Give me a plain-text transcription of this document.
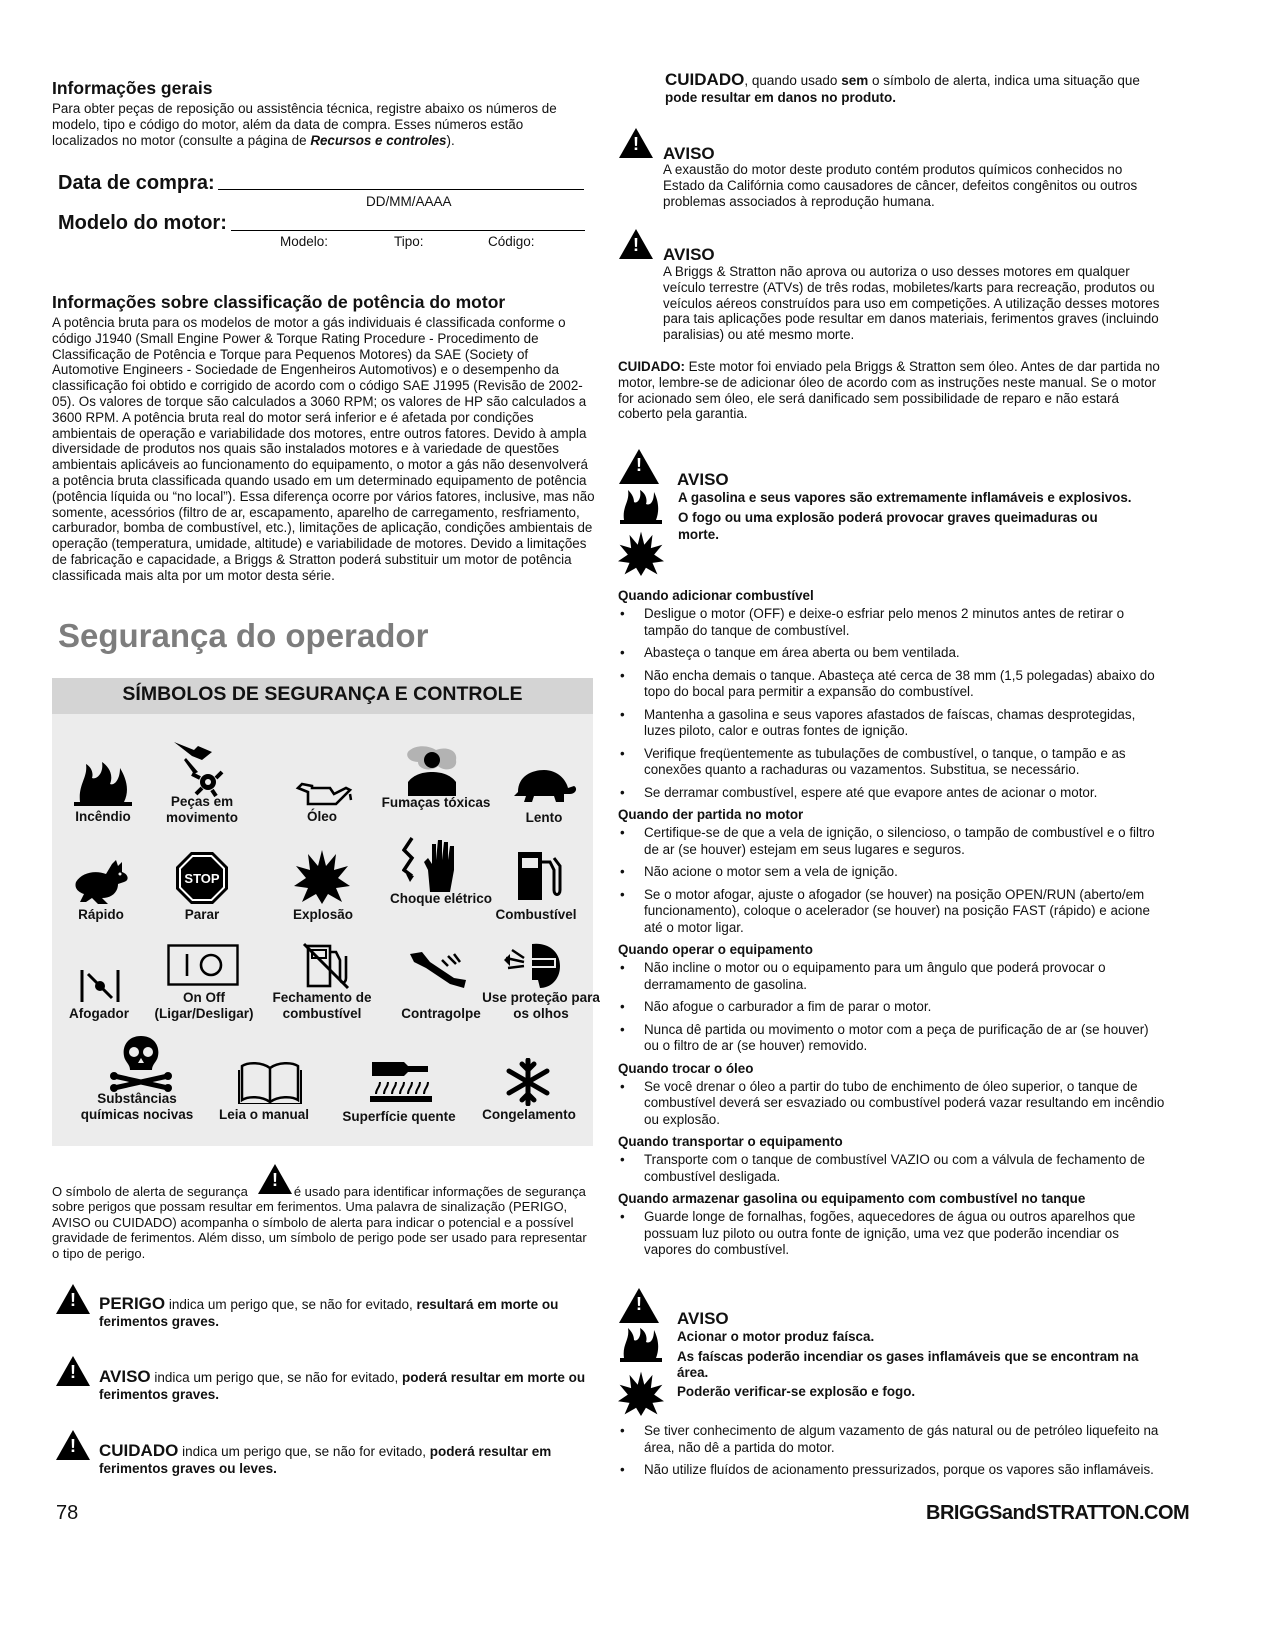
Informações gerais

Para obter peças de reposição ou assistência técnica, registre abaixo os números de modelo, tipo e código do motor, além da data de compra. Esses números estão localizados no motor (consulte a página de Recursos e controles).

Data de compra:
DD/MM/AAAA
Modelo do motor:
Modelo:	Tipo:	Código:
Informações sobre classificação de potência do motor

A potência bruta para os modelos de motor a gás individuais é classificada conforme o código J1940 (Small Engine Power & Torque Rating Procedure - Procedimento de Classificação de Potência e Torque para Pequenos Motores) da SAE (Society of Automotive Engineers - Sociedade de Engenheiros Automotivos) e o desempenho da classificação foi obtido e corrigido de acordo com o código SAE J1995 (Revisão de 2002-05). Os valores de torque são calculados a 3060 RPM; os valores de HP são calculados a 3600 RPM. A potência bruta real do motor será inferior e é afetada por condições ambientais de operação e variabilidade dos motores, entre outros fatores. Devido à ampla diversidade de produtos nos quais são instalados motores e à variedade de questões ambientais aplicáveis ao funcionamento do equipamento, o motor a gás não desenvolverá a potência bruta classificada quando usado em um determinado equipamento de potência (potência líquida ou “no local”). Essa diferença ocorre por vários fatores, inclusive, mas não somente, acessórios (filtro de ar, escapamento, aparelho de carregamento, resfriamento, carburador, bomba de combustível, etc.), limitações de aplicação, condições ambientais de operação (temperatura, umidade, altitude) e variabilidade de motores. Devido a limitações de fabricação e capacidade, a Briggs & Stratton poderá substituir um motor de potência classificada mais alta por um motor desta série.

Segurança do operador
SÍMBOLOS DE SEGURANÇA E CONTROLE
Incêndio
Peças em movimento	Óleo
Fumaças tóxicas
Lento
Rápido
STOP
Parar	Explosão
Choque elétrico
Combustível
Afogador
On Off (Ligar/Desligar)
Fechamento de combustível	Contragolpe
Use proteção para os olhos
Substâncias químicas nocivas	Leia o manual	Superfície quente	Congelamento
!

O símbolo de alerta de segurança	é usado para identificar informações de segurança sobre perigos que possam resultar em ferimentos. Uma palavra de sinalização (PERIGO, AVISO ou CUIDADO) acompanha o símbolo de alerta para indicar o potencial e a possível gravidade de ferimentos. Além disso, um símbolo de perigo pode ser usado para representar o tipo de perigo.

!

PERIGO indica um perigo que, se não for evitado, resultará em morte ou ferimentos graves.

!

AVISO indica um perigo que, se não for evitado, poderá resultar em morte ou ferimentos graves.

!

CUIDADO indica um perigo que, se não for evitado, poderá resultar em ferimentos graves ou leves.

78

CUIDADO, quando usado sem o símbolo de alerta, indica uma situação que pode resultar em danos no produto.

!
AVISO

A exaustão do motor deste produto contém produtos químicos conhecidos no Estado da Califórnia como causadores de câncer, defeitos congênitos ou outros problemas associados à reprodução humana.

!
AVISO

A Briggs & Stratton não aprova ou autoriza o uso desses motores em qualquer veículo terrestre (ATVs) de três rodas, mobiletes/karts para recreação, produtos ou veículos aéreos construídos para uso em competições. A utilização desses motores para tais aplicações pode resultar em danos materiais, ferimentos graves (incluindo paralisias) ou até mesmo morte.

CUIDADO: Este motor foi enviado pela Briggs & Stratton sem óleo. Antes de dar partida no motor, lembre-se de adicionar óleo de acordo com as instruções neste manual. Se o motor for acionado sem óleo, ele será danificado sem possibilidade de reparo e não estará coberto pela garantia.

!
AVISO

A gasolina e seus vapores são extremamente inflamáveis e explosivos.

O fogo ou uma explosão poderá provocar graves queimaduras ou morte.

Quando adicionar combustível
• Desligue o motor (OFF) e deixe-o esfriar pelo menos 2 minutos antes de retirar o tampão do tanque de combustível.
• Abasteça o tanque em área aberta ou bem ventilada.
• Não encha demais o tanque. Abasteça até cerca de 38 mm (1,5 polegadas) abaixo do topo do bocal para permitir a expansão do combustível.
• Mantenha a gasolina e seus vapores afastados de faíscas, chamas desprotegidas, luzes piloto, calor e outras fontes de ignição.
• Verifique freqüentemente as tubulações de combustível, o tanque, o tampão e as conexões quanto a rachaduras ou vazamentos. Substitua, se necessário.
• Se derramar combustível, espere até que evapore antes de acionar o motor.
Quando der partida no motor
• Certifique-se de que a vela de ignição, o silencioso, o tampão de combustível e o filtro de ar (se houver) estejam em seus lugares e seguros.
• Não acione o motor sem a vela de ignição.
• Se o motor afogar, ajuste o afogador (se houver) na posição OPEN/RUN (aberto/em funcionamento), coloque o acelerador (se houver) na posição FAST (rápido) e acione até o motor ligar.
Quando operar o equipamento
• Não incline o motor ou o equipamento para um ângulo que poderá provocar o derramamento de gasolina.
• Não afogue o carburador a fim de parar o motor.
• Nunca dê partida ou movimento o motor com a peça de purificação de ar (se houver) ou o filtro de ar (se houver) removido.
Quando trocar o óleo
• Se você drenar o óleo a partir do tubo de enchimento de óleo superior, o tanque de combustível deverá ser esvaziado ou combustível poderá vazar resultando em incêndio ou explosão.
Quando transportar o equipamento
• Transporte com o tanque de combustível VAZIO ou com a válvula de fechamento de combustível desligada.
Quando armazenar gasolina ou equipamento com combustível no tanque
• Guarde longe de fornalhas, fogões, aquecedores de água ou outros aparelhos que possuam luz piloto ou outra fonte de ignição, uma vez que poderão incendiar os vapores do combustível.
!
AVISO

Acionar o motor produz faísca.

As faíscas poderão incendiar os gases inflamáveis que se encontram na área.

Poderão verificar-se explosão e fogo.

• Se tiver conhecimento de algum vazamento de gás natural ou de petróleo liquefeito na área, não dê a partida do motor.
• Não utilize fluídos de acionamento pressurizados, porque os vapores são inflamáveis.
BRIGGSandSTRATTON.COM
